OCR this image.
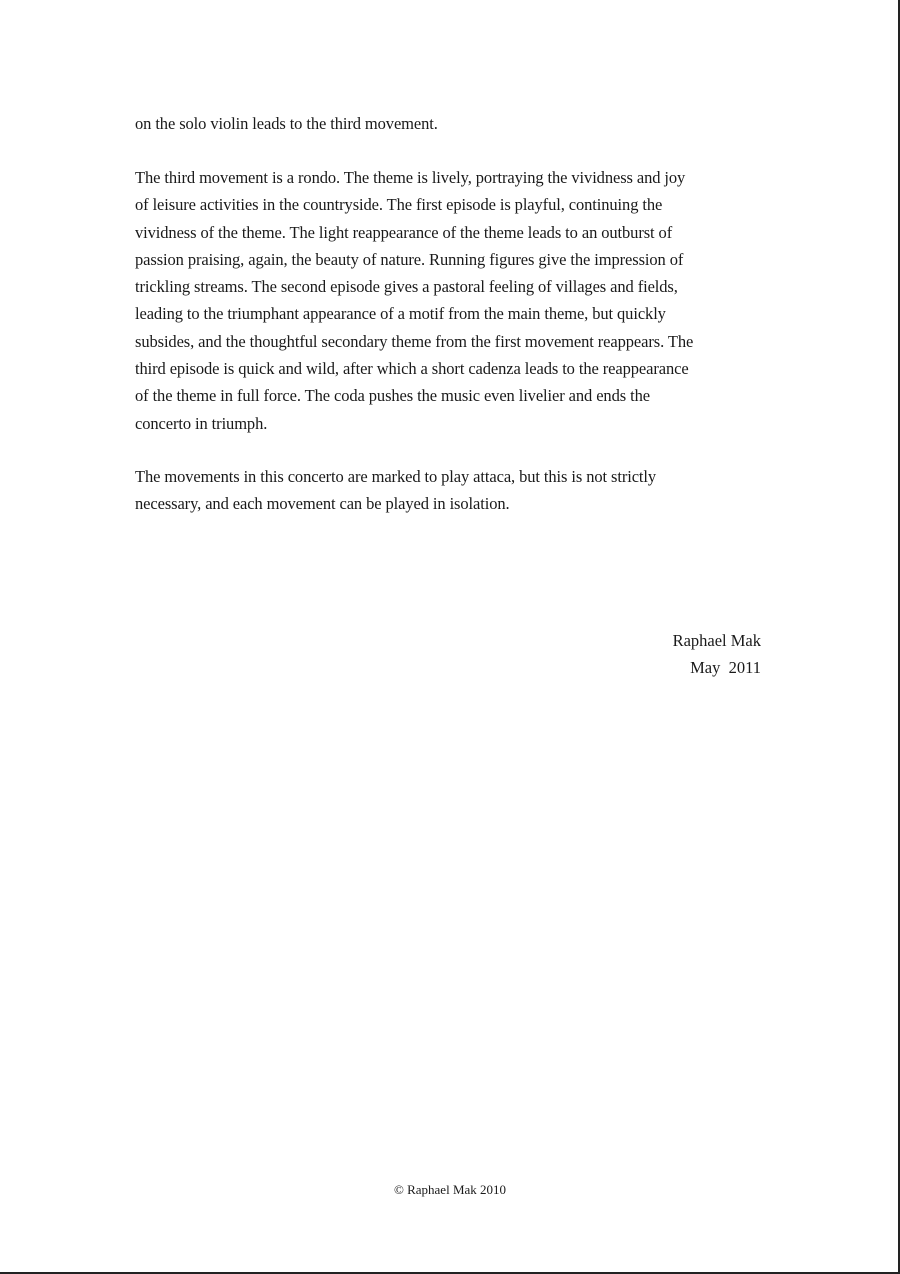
on the solo violin leads to the third movement.
The third movement is a rondo. The theme is lively, portraying the vividness and joy
of leisure activities in the countryside. The first episode is playful, continuing the
vividness of the theme. The light reappearance of the theme leads to an outburst of
passion praising, again, the beauty of nature. Running figures give the impression of
trickling streams. The second episode gives a pastoral feeling of villages and fields,
leading to the triumphant appearance of a motif from the main theme, but quickly
subsides, and the thoughtful secondary theme from the first movement reappears. The
third episode is quick and wild, after which a short cadenza leads to the reappearance
of the theme in full force. The coda pushes the music even livelier and ends the
concerto in triumph.
The movements in this concerto are marked to play attaca, but this is not strictly
necessary, and each movement can be played in isolation.
Raphael Mak
May  2011
© Raphael Mak 2010
